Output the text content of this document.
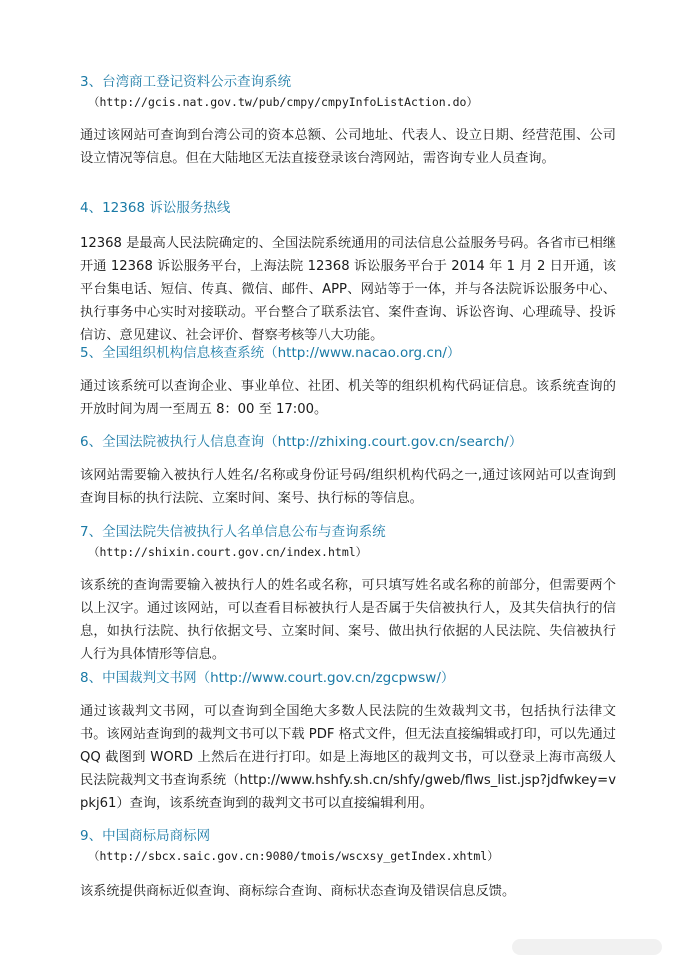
3、台湾商工登记资料公示查询系统
（http://gcis.nat.gov.tw/pub/cmpy/cmpyInfoListAction.do）
通过该网站可查询到台湾公司的资本总额、公司地址、代表人、设立日期、经营范围、公司设立情况等信息。但在大陆地区无法直接登录该台湾网站，需咨询专业人员查询。
4、12368 诉讼服务热线
12368 是最高人民法院确定的、全国法院系统通用的司法信息公益服务号码。各省市已相继开通 12368 诉讼服务平台，上海法院 12368 诉讼服务平台于 2014 年 1 月 2 日开通，该平台集电话、短信、传真、微信、邮件、APP、网站等于一体，并与各法院诉讼服务中心、执行事务中心实时对接联动。平台整合了联系法官、案件查询、诉讼咨询、心理疏导、投诉信访、意见建议、社会评价、督察考核等八大功能。
5、全国组织机构信息核查系统（http://www.nacao.org.cn/）
通过该系统可以查询企业、事业单位、社团、机关等的组织机构代码证信息。该系统查询的开放时间为周一至周五 8：00 至 17:00。
6、全国法院被执行人信息查询（http://zhixing.court.gov.cn/search/）
该网站需要输入被执行人姓名/名称或身份证号码/组织机构代码之一,通过该网站可以查询到查询目标的执行法院、立案时间、案号、执行标的等信息。
7、全国法院失信被执行人名单信息公布与查询系统
（http://shixin.court.gov.cn/index.html）
该系统的查询需要输入被执行人的姓名或名称，可只填写姓名或名称的前部分，但需要两个以上汉字。通过该网站，可以查看目标被执行人是否属于失信被执行人，及其失信执行的信息，如执行法院、执行依据文号、立案时间、案号、做出执行依据的人民法院、失信被执行人行为具体情形等信息。
8、中国裁判文书网（http://www.court.gov.cn/zgcpwsw/）
通过该裁判文书网，可以查询到全国绝大多数人民法院的生效裁判文书，包括执行法律文书。该网站查询到的裁判文书可以下载 PDF 格式文件，但无法直接编辑或打印，可以先通过 QQ 截图到 WORD 上然后在进行打印。如是上海地区的裁判文书，可以登录上海市高级人民法院裁判文书查询系统（http://www.hshfy.sh.cn/shfy/gweb/flws_list.jsp?jdfwkey=vpkj61）查询，该系统查询到的裁判文书可以直接编辑利用。
9、中国商标局商标网
（http://sbcx.saic.gov.cn:9080/tmois/wscxsy_getIndex.xhtml）
该系统提供商标近似查询、商标综合查询、商标状态查询及错误信息反馈。
